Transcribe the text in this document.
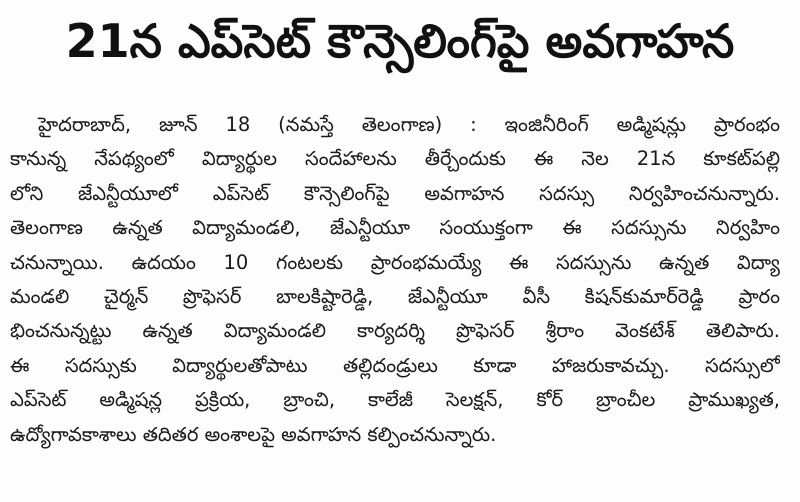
21న ఎప్‌సెట్‌ కౌన్సెలింగ్‌పై అవగాహన
హైదరాబాద్‌, జూన్‌ 18 (నమస్తే తెలంగాణ) : ఇంజినీరింగ్‌ అడ్మిషన్లు ప్రారంభం
కానున్న నేపథ్యంలో విద్యార్థుల సందేహాలను తీర్చేందుకు ఈ నెల 21న కూకట్‌పల్లి
లోని జేఎన్టీయూలో ఎప్‌సెట్‌ కౌన్సెలింగ్‌పై అవగాహన సదస్సు నిర్వహించనున్నారు.
తెలంగాణ ఉన్నత విద్యామండలి, జేఎన్టీయూ సంయుక్తంగా ఈ సదస్సును నిర్వహిం
చనున్నాయి. ఉదయం 10 గంటలకు ప్రారంభమయ్యే ఈ సదస్సును ఉన్నత విద్యా
మండలి చైర్మన్‌ ప్రొఫెసర్‌ బాలకిష్టారెడ్డి, జేఎన్టీయూ వీసీ కిషన్‌కుమార్‌రెడ్డి ప్రారం
భించనున్నట్టు ఉన్నత విద్యామండలి కార్యదర్శి ప్రొఫెసర్‌ శ్రీరాం వెంకటేశ్‌ తెలిపారు.
ఈ సదస్సుకు విద్యార్థులతోపాటు తల్లిదండ్రులు కూడా హాజరుకావచ్చు. సదస్సులో
ఎప్‌సెట్‌ అడ్మిషన్ల ప్రక్రియ, బ్రాంచి, కాలేజీ సెలక్షన్‌, కోర్‌ బ్రాంచీల ప్రాముఖ్యత,
ఉద్యోగావకాశాలు తదితర అంశాలపై అవగాహన కల్పించనున్నారు.
